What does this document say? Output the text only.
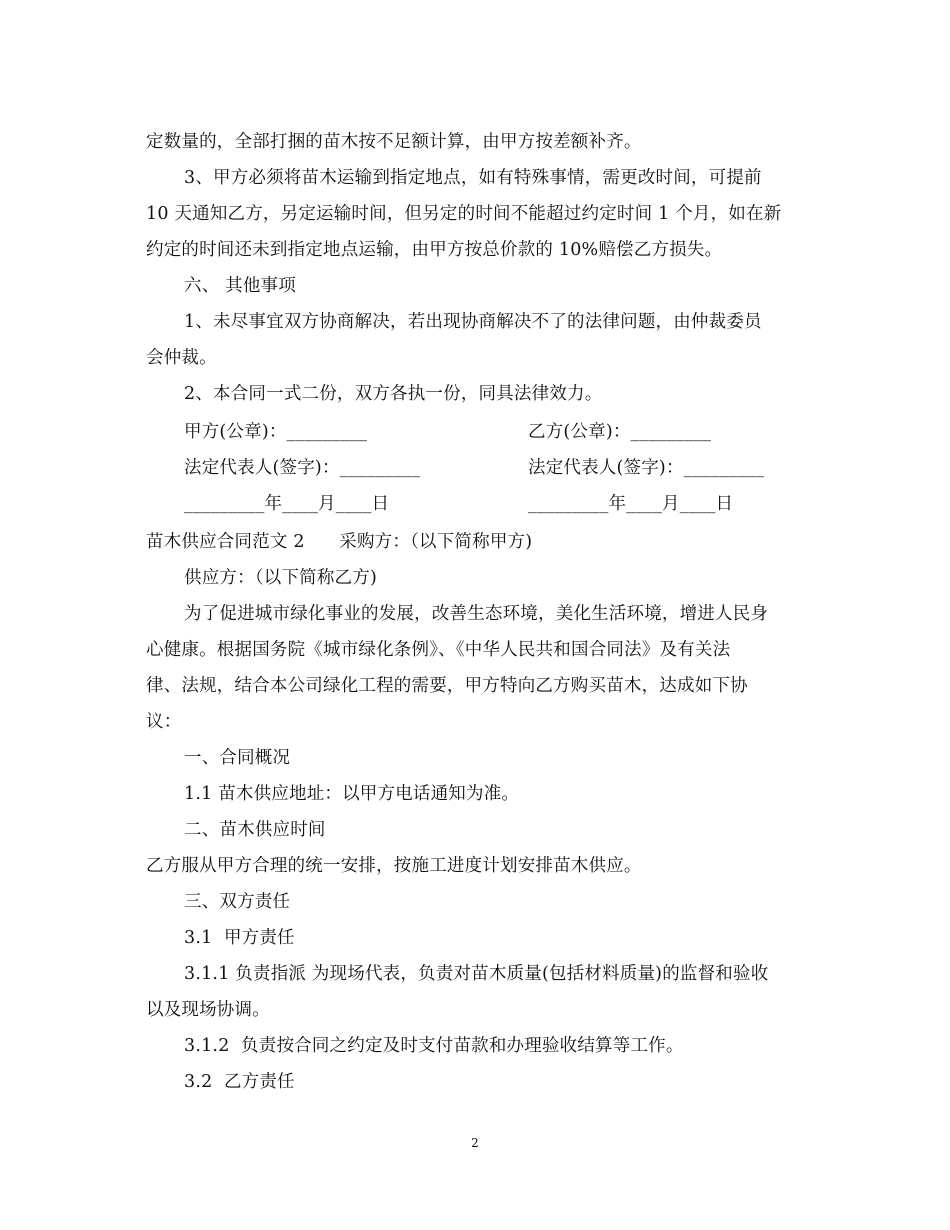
定数量的，全部打捆的苗木按不足额计算，由甲方按差额补齐。
3、甲方必须将苗木运输到指定地点，如有特殊事情，需更改时间，可提前
10 天通知乙方，另定运输时间，但另定的时间不能超过约定时间 1 个月，如在新
约定的时间还未到指定地点运输，由甲方按总价款的 10%赔偿乙方损失。
六、 其他事项
1、未尽事宜双方协商解决，若出现协商解决不了的法律问题，由仲裁委员
会仲裁。
2、本合同一式二份，双方各执一份，同具法律效力。
甲方(公章)：_________	乙方(公章)：_________
法定代表人(签字)：_________	法定代表人(签字)：_________
_________年____月____日	_________年____月____日
苗木供应合同范文 2      采购方：（以下简称甲方)
供应方：（以下简称乙方)
为了促进城市绿化事业的发展，改善生态环境，美化生活环境，增进人民身
心健康。根据国务院《城市绿化条例》、《中华人民共和国合同法》及有关法
律、法规，结合本公司绿化工程的需要，甲方特向乙方购买苗木，达成如下协
议：
一、合同概况
1.1 苗木供应地址：以甲方电话通知为准。
二、苗木供应时间
乙方服从甲方合理的统一安排，按施工进度计划安排苗木供应。
三、双方责任
3.1  甲方责任
3.1.1 负责指派 为现场代表，负责对苗木质量(包括材料质量)的监督和验收
以及现场协调。
3.1.2  负责按合同之约定及时支付苗款和办理验收结算等工作。
3.2  乙方责任
2
